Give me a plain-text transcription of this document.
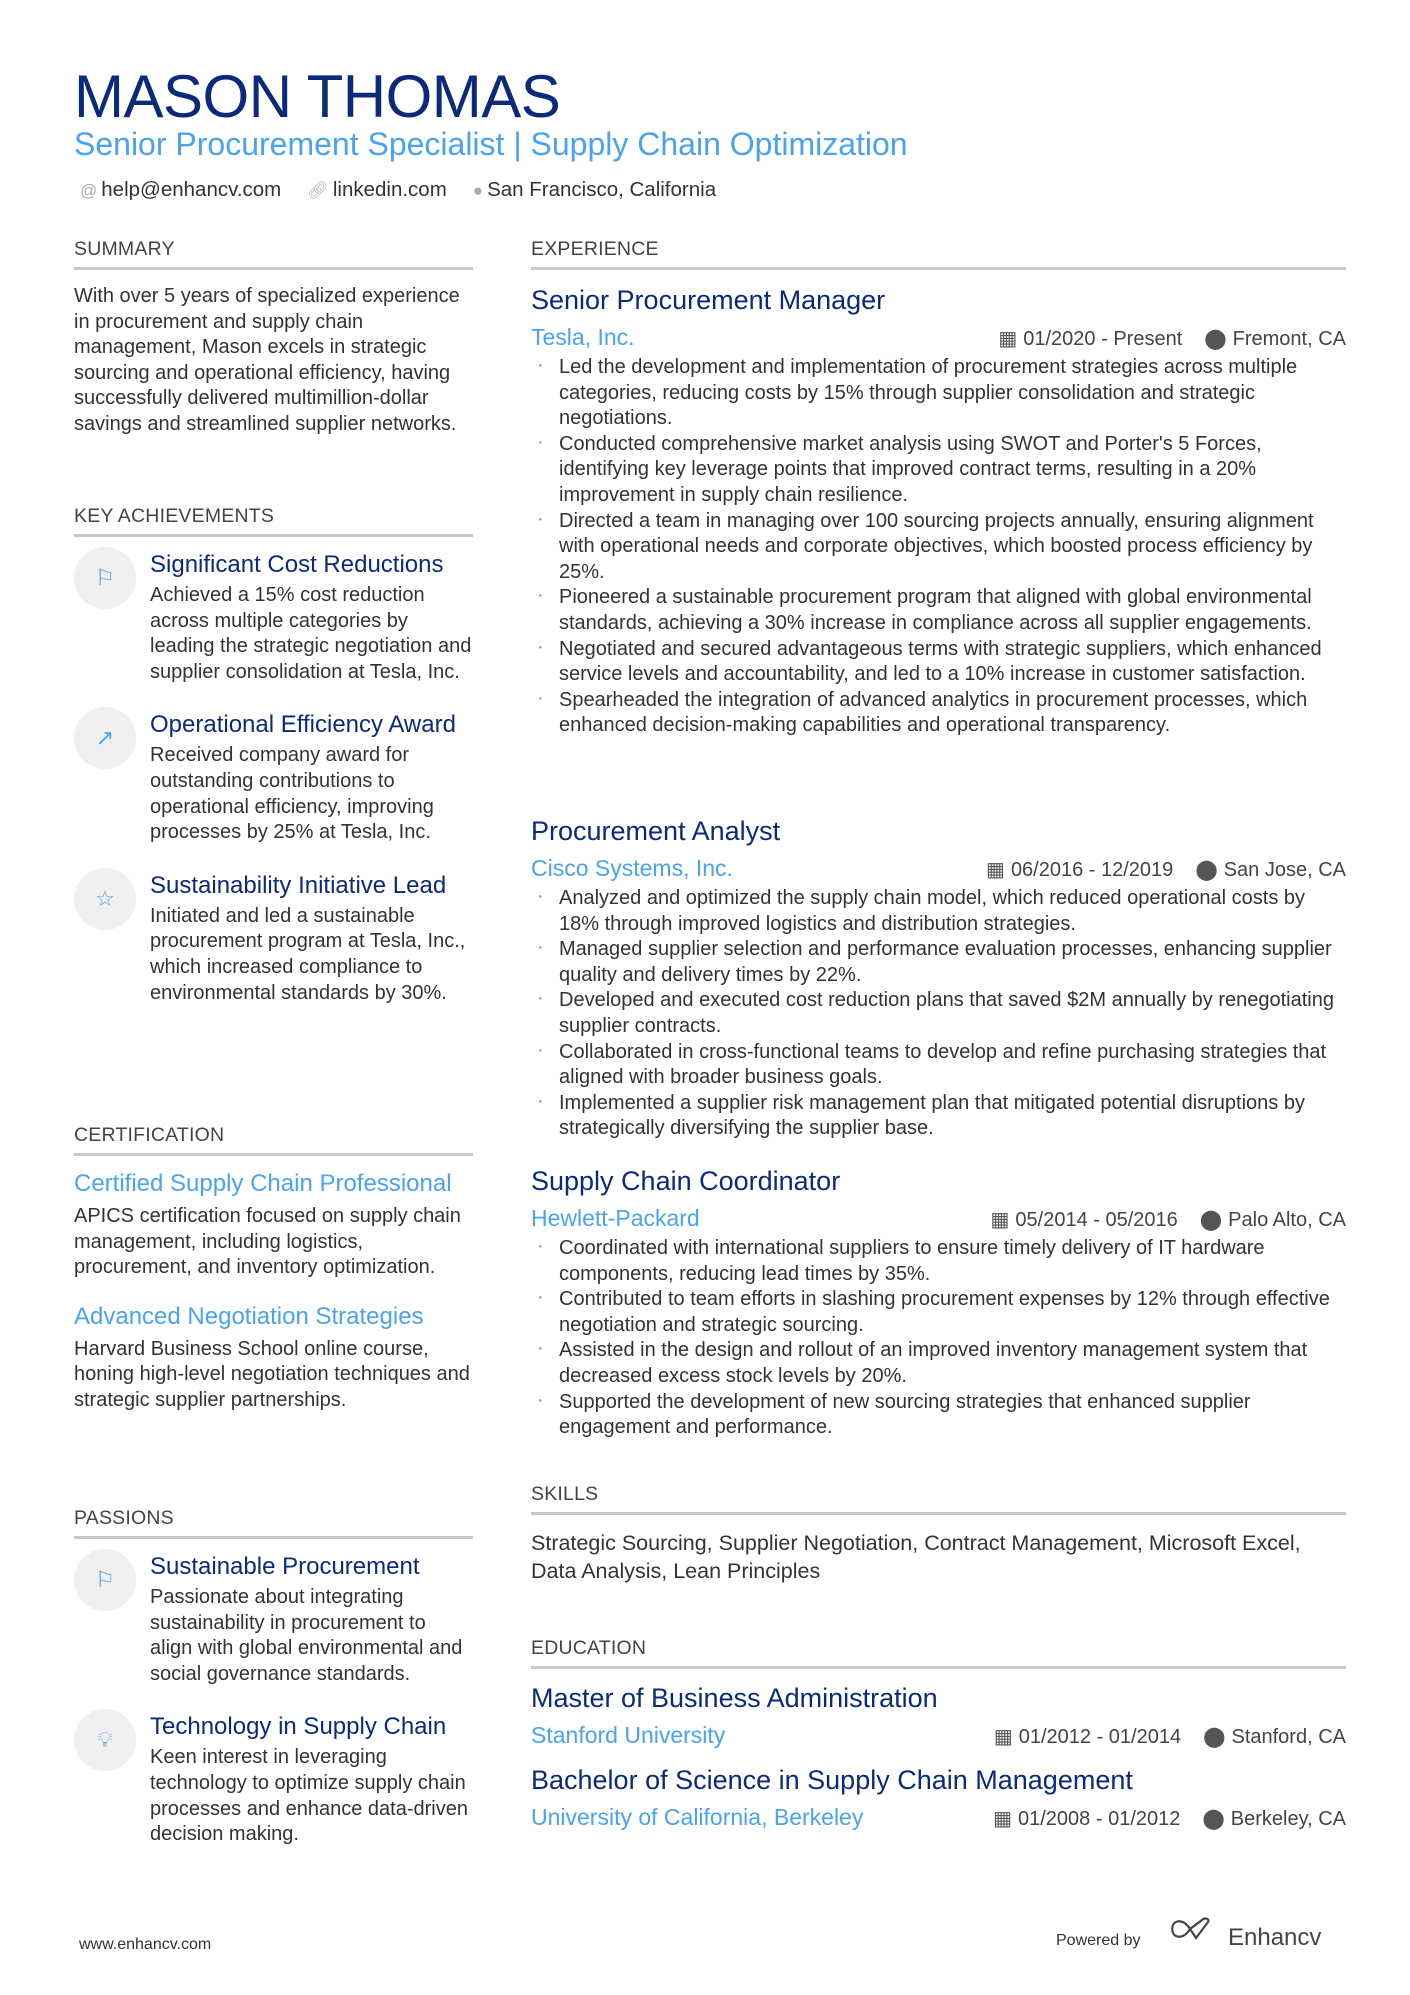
MASON THOMAS
Senior Procurement Specialist | Supply Chain Optimization
@ help@enhancv.com 🔗︎ linkedin.com ● San Francisco, California
SUMMARY
With over 5 years of specialized experience in procurement and supply chain management, Mason excels in strategic sourcing and operational efficiency, having successfully delivered multimillion-dollar savings and streamlined supplier networks.
KEY ACHIEVEMENTS
⚐	Significant Cost Reductions
Achieved a 15% cost reduction across multiple categories by leading the strategic negotiation and supplier consolidation at Tesla, Inc.
↗	Operational Efficiency Award
Received company award for outstanding contributions to operational efficiency, improving processes by 25% at Tesla, Inc.
☆	Sustainability Initiative Lead
Initiated and led a sustainable procurement program at Tesla, Inc., which increased compliance to environmental standards by 30%.
CERTIFICATION
Certified Supply Chain Professional
APICS certification focused on supply chain management, including logistics, procurement, and inventory optimization.
Advanced Negotiation Strategies
Harvard Business School online course, honing high-level negotiation techniques and strategic supplier partnerships.
PASSIONS
⚐	Sustainable Procurement
Passionate about integrating sustainability in procurement to align with global environmental and social governance standards.
💡︎	Technology in Supply Chain
Keen interest in leveraging technology to optimize supply chain processes and enhance data-driven decision making.
EXPERIENCE
Senior Procurement Manager
Tesla, Inc.	▦ 01/2020 - Present ⬤ Fremont, CA
· Led the development and implementation of procurement strategies across multiple categories, reducing costs by 15% through supplier consolidation and strategic negotiations.
· Conducted comprehensive market analysis using SWOT and Porter's 5 Forces, identifying key leverage points that improved contract terms, resulting in a 20% improvement in supply chain resilience.
· Directed a team in managing over 100 sourcing projects annually, ensuring alignment with operational needs and corporate objectives, which boosted process efficiency by 25%.
· Pioneered a sustainable procurement program that aligned with global environmental standards, achieving a 30% increase in compliance across all supplier engagements.
· Negotiated and secured advantageous terms with strategic suppliers, which enhanced service levels and accountability, and led to a 10% increase in customer satisfaction.
· Spearheaded the integration of advanced analytics in procurement processes, which enhanced decision-making capabilities and operational transparency.
Procurement Analyst
Cisco Systems, Inc.	▦ 06/2016 - 12/2019 ⬤ San Jose, CA
· Analyzed and optimized the supply chain model, which reduced operational costs by 18% through improved logistics and distribution strategies.
· Managed supplier selection and performance evaluation processes, enhancing supplier quality and delivery times by 22%.
· Developed and executed cost reduction plans that saved $2M annually by renegotiating supplier contracts.
· Collaborated in cross-functional teams to develop and refine purchasing strategies that aligned with broader business goals.
· Implemented a supplier risk management plan that mitigated potential disruptions by strategically diversifying the supplier base.
Supply Chain Coordinator
Hewlett-Packard	▦ 05/2014 - 05/2016 ⬤ Palo Alto, CA
· Coordinated with international suppliers to ensure timely delivery of IT hardware components, reducing lead times by 35%.
· Contributed to team efforts in slashing procurement expenses by 12% through effective negotiation and strategic sourcing.
· Assisted in the design and rollout of an improved inventory management system that decreased excess stock levels by 20%.
· Supported the development of new sourcing strategies that enhanced supplier engagement and performance.
SKILLS
Strategic Sourcing, Supplier Negotiation, Contract Management, Microsoft Excel, Data Analysis, Lean Principles
EDUCATION
Master of Business Administration
Stanford University	▦ 01/2012 - 01/2014 ⬤ Stanford, CA
Bachelor of Science in Supply Chain Management
University of California, Berkeley	▦ 01/2008 - 01/2012 ⬤ Berkeley, CA
www.enhancv.com	Powered by	Enhancv
